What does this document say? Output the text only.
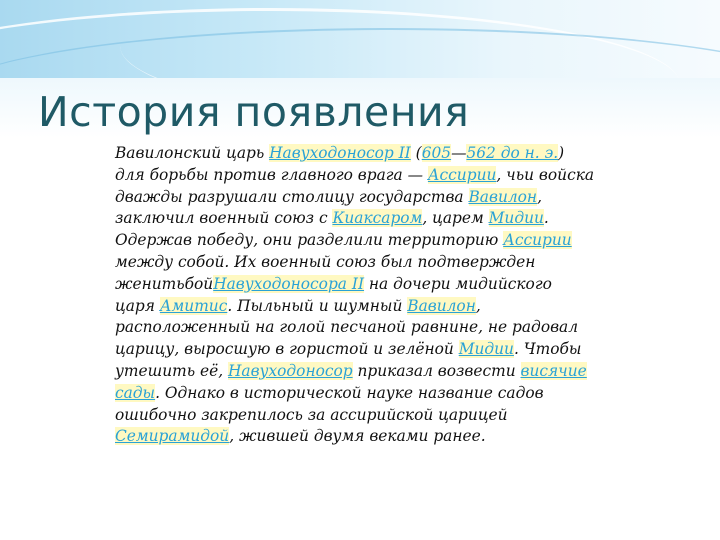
История появления
Вавилонский царь Навуходоносор II (605—562 до н. э.) для борьбы против главного врага — Ассирии, чьи войска дважды разрушали столицу государства Вавилон, заключил военный союз с Киаксаром, царем Мидии.
Одержав победу, они разделили территорию Ассирии между собой. Их военный союз был подтвержден женитьбойНавуходоносора II на дочери мидийского царя Амитис. Пыльный и шумный Вавилон, расположенный на голой песчаной равнине, не радовал царицу, выросшую в гористой и зелёной Мидии. Чтобы утешить её, Навуходоносор приказал возвести висячие сады. Однако в исторической науке название садов ошибочно закрепилось за ассирийской царицей Семирамидой, жившей двумя веками ранее.
